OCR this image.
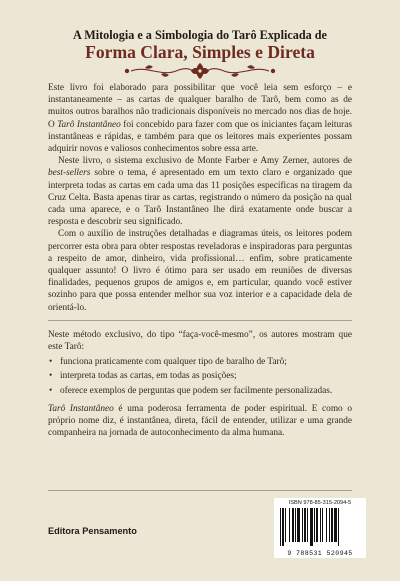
A Mitologia e a Simbologia do Tarô Explicada de
Forma Clara, Simples e Direta

Este livro foi elaborado para possibilitar que você leia sem esforço – e instantaneamente – as cartas de qualquer baralho de Tarô, bem como as de muitos outros baralhos não tradicionais disponíveis no mercado nos dias de hoje. O Tarô Instantâneo foi concebido para fazer com que os iniciantes façam leituras instantâneas e rápidas, e também para que os leitores mais experientes possam adquirir novos e valiosos conhecimentos sobre essa arte.

Neste livro, o sistema exclusivo de Monte Farber e Amy Zerner, autores de best-sellers sobre o tema, é apresentado em um texto claro e organizado que interpreta todas as cartas em cada uma das 11 posições específicas na tiragem da Cruz Celta. Basta apenas tirar as cartas, registrando o número da posição na qual cada uma aparece, e o Tarô Instantâneo lhe dirá exatamente onde buscar a resposta e descobrir seu significado.

Com o auxílio de instruções detalhadas e diagramas úteis, os leitores podem percorrer esta obra para obter respostas reveladoras e inspiradoras para perguntas a respeito de amor, dinheiro, vida profissional… enfim, sobre praticamente qualquer assunto! O livro é ótimo para ser usado em reuniões de diversas finalidades, pequenos grupos de amigos e, em particular, quando você estiver sozinho para que possa entender melhor sua voz interior e a capacidade dela de orientá-lo.

Neste método exclusivo, do tipo “faça-você-mesmo”, os autores mostram que este Tarô:

• funciona praticamente com qualquer tipo de baralho de Tarô;
• interpreta todas as cartas, em todas as posições;
• oferece exemplos de perguntas que podem ser facilmente personalizadas.

Tarô Instantâneo é uma poderosa ferramenta de poder espiritual. E como o próprio nome diz, é instantânea, direta, fácil de entender, utilizar e uma grande companheira na jornada de autoconhecimento da alma humana.

Editora Pensamento
ISBN 978-85-315-2094-5
9 788531 520945
